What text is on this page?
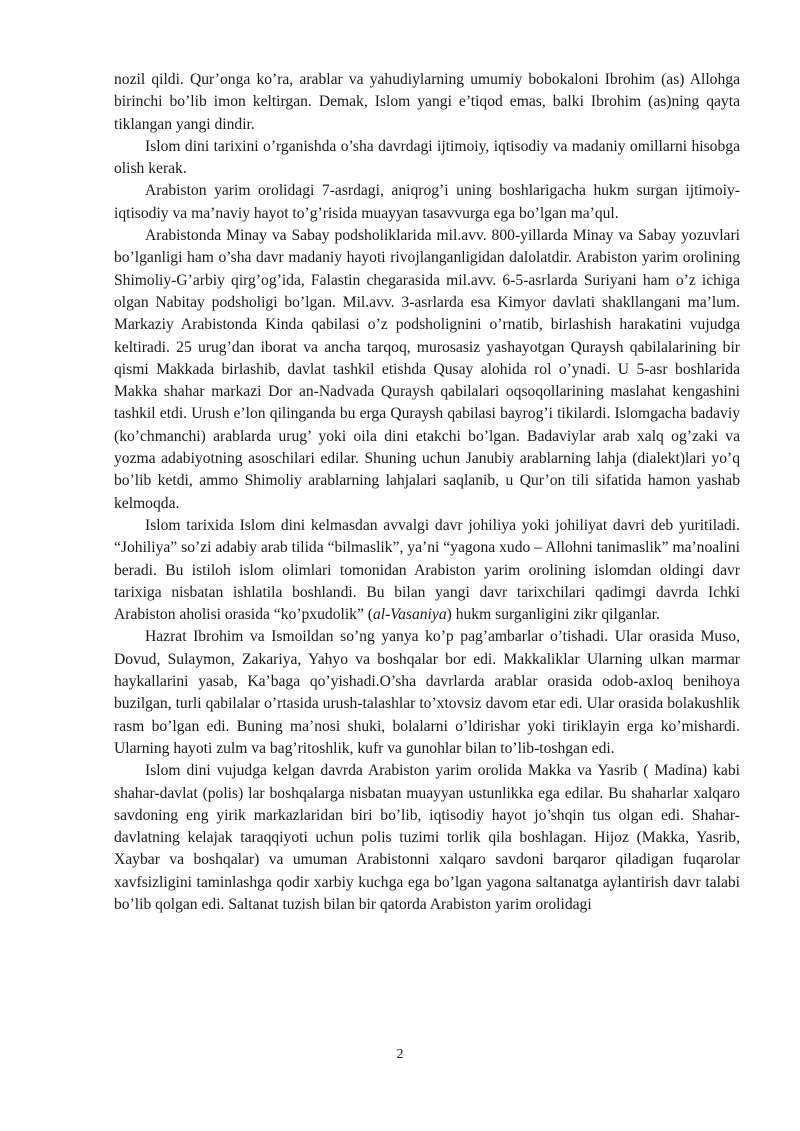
nozil qildi. Qur’onga ko’ra, arablar va yahudiylarning umumiy bobokaloni Ibrohim (as) Allohga birinchi bo’lib imon keltirgan. Demak, Islom yangi e’tiqod emas, balki Ibrohim (as)ning qayta tiklangan yangi dindir.

Islom dini tarixini o’rganishda o’sha davrdagi ijtimoiy, iqtisodiy va madaniy omillarni hisobga olish kerak.

Arabiston yarim orolidagi 7-asrdagi, aniqrog’i uning boshlarigacha hukm surgan ijtimoiy-iqtisodiy va ma’naviy hayot to’g’risida muayyan tasavvurga ega bo’lgan ma’qul.

Arabistonda Minay va Sabay podsholiklarida mil.avv. 800-yillarda Minay va Sabay yozuvlari bo’lganligi ham o’sha davr madaniy hayoti rivojlanganligidan dalolatdir. Arabiston yarim orolining Shimoliy-G’arbiy qirg’og’ida, Falastin chegarasida mil.avv. 6-5-asrlarda Suriyani ham o’z ichiga olgan Nabitay podsholigi bo’lgan. Mil.avv. 3-asrlarda esa Kimyor davlati shakllangani ma’lum. Markaziy Arabistonda Kinda qabilasi o’z podsholignini o’rnatib, birlashish harakatini vujudga keltiradi. 25 urug’dan iborat va ancha tarqoq, murosasiz yashayotgan Quraysh qabilalarining bir qismi Makkada birlashib, davlat tashkil etishda Qusay alohida rol o’ynadi. U 5-asr boshlarida Makka shahar markazi Dor an-Nadvada Quraysh qabilalari oqsoqollarining maslahat kengashini tashkil etdi. Urush e’lon qilinganda bu erga Quraysh qabilasi bayrog’i tikilardi. Islomgacha badaviy (ko’chmanchi) arablarda urug’ yoki oila dini etakchi bo’lgan. Badaviylar arab xalq og’zaki va yozma adabiyotning asoschilari edilar. Shuning uchun Janubiy arablarning lahja (dialekt)lari yo’q bo’lib ketdi, ammo Shimoliy arablarning lahjalari saqlanib, u Qur’on tili sifatida hamon yashab kelmoqda.

Islom tarixida Islom dini kelmasdan avvalgi davr johiliya yoki johiliyat davri deb yuritiladi. “Johiliya” so’zi adabiy arab tilida “bilmaslik”, ya’ni “yagona xudo – Allohni tanimaslik” ma’noalini beradi. Bu istiloh islom olimlari tomonidan Arabiston yarim orolining islomdan oldingi davr tarixiga nisbatan ishlatila boshlandi. Bu bilan yangi davr tarixchilari qadimgi davrda Ichki Arabiston aholisi orasida “ko’pxudolik” (al-Vasaniya) hukm surganligini zikr qilganlar.

Hazrat Ibrohim va Ismoildan so’ng yanya ko’p pag’ambarlar o’tishadi. Ular orasida Muso, Dovud, Sulaymon, Zakariya, Yahyo va boshqalar bor edi. Makkaliklar Ularning ulkan marmar haykallarini yasab, Ka’baga qo’yishadi.O’sha davrlarda arablar orasida odob-axloq benihoya buzilgan, turli qabilalar o’rtasida urush-talashlar to’xtovsiz davom etar edi. Ular orasida bolakushlik rasm bo’lgan edi. Buning ma’nosi shuki, bolalarni o’ldirishar yoki tiriklayin erga ko’mishardi. Ularning hayoti zulm va bag’ritoshlik, kufr va gunohlar bilan to’lib-toshgan edi.

Islom dini vujudga kelgan davrda Arabiston yarim orolida Makka va Yasrib ( Madina) kabi shahar-davlat (polis) lar boshqalarga nisbatan muayyan ustunlikka ega edilar. Bu shaharlar xalqaro savdoning eng yirik markazlaridan biri bo’lib, iqtisodiy hayot jo’shqin tus olgan edi. Shahar-davlatning kelajak taraqqiyoti uchun polis tuzimi torlik qila boshlagan. Hijoz (Makka, Yasrib, Xaybar va boshqalar) va umuman Arabistonni xalqaro savdoni barqaror qiladigan fuqarolar xavfsizligini taminlashga qodir xarbiy kuchga ega bo’lgan yagona saltanatga aylantirish davr talabi bo’lib qolgan edi. Saltanat tuzish bilan bir qatorda Arabiston yarim orolidagi

2
